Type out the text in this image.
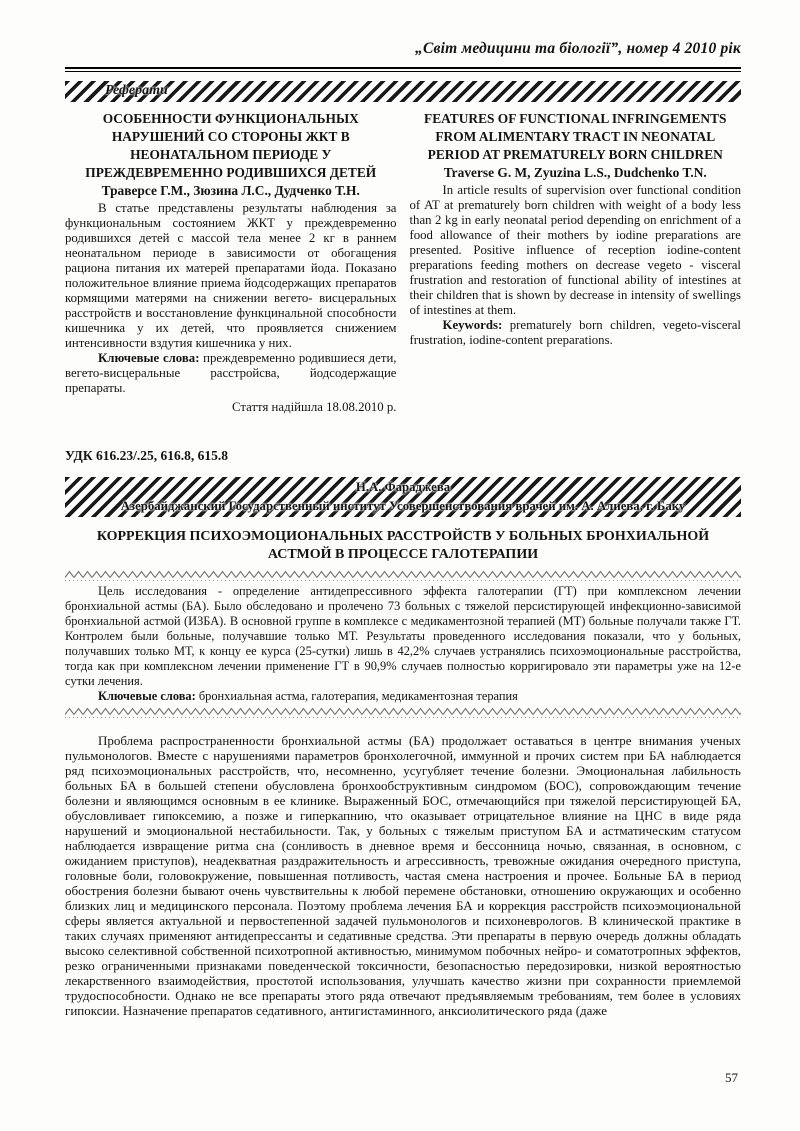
„Світ медицини та біології”, номер 4 2010 рік
Реферати
ОСОБЕННОСТИ ФУНКЦИОНАЛЬНЫХ НАРУШЕНИЙ СО СТОРОНЫ ЖКТ В НЕОНАТАЛЬНОМ ПЕРИОДЕ У ПРЕЖДЕВРЕМЕННО РОДИВШИХСЯ ДЕТЕЙ
Траверсе Г.М., Зюзина Л.С., Дудченко Т.Н.
В статье представлены результаты наблюдения за функциональным состоянием ЖКТ у преждевременно родившихся детей с массой тела менее 2 кг в раннем неонатальном периоде в зависимости от обогащения рациона питания их матерей препаратами йода. Показано положительное влияние приема йодсодержащих препаратов кормящими матерями на снижении вегето- висцеральных расстройств и восстановление функцинальной способности кишечника у их детей, что проявляется снижением интенсивности вздутия кишечника у них.
Ключевые слова: преждевременно родившиеся дети, вегето-висцеральные расстройсва, йодсодержащие препараты.
Стаття надійшла 18.08.2010 р.
FEATURES OF FUNCTIONAL INFRINGEMENTS FROM ALIMENTARY TRACT IN NEONATAL PERIOD AT PREMATURELY BORN CHILDREN
Traverse G. M, Zyuzina L.S., Dudchenko T.N.
In article results of supervision over functional condition of AT at prematurely born children with weight of a body less than 2 kg in early neonatal period depending on enrichment of a food allowance of their mothers by iodine preparations are presented. Positive influence of reception iodine-content preparations feeding mothers on decrease vegeto - visceral frustration and restoration of functional ability of intestines at their children that is shown by decrease in intensity of swellings of intestines at them.
Keywords: prematurely born children, vegeto-visceral frustration, iodine-content preparations.
УДК 616.23/.25, 616.8, 615.8
Н.А. Фараджева
Азербайджанский Государственный институт Усовершенствования врачей им. А. Алиева, г. Баку
КОРРЕКЦИЯ ПСИХОЭМОЦИОНАЛЬНЫХ РАССТРОЙСТВ У БОЛЬНЫХ БРОНХИАЛЬНОЙ АСТМОЙ В ПРОЦЕССЕ ГАЛОТЕРАПИИ
Цель исследования - определение антидепрессивного эффекта галотерапии (ГТ) при комплексном лечении бронхиальной астмы (БА). Было обследовано и пролечено 73 больных с тяжелой персистирующей инфекционно-зависимой бронхиальной астмой (ИЗБА). В основной группе в комплексе с медикаментозной терапией (МТ) больные получали также ГТ. Контролем были больные, получавшие только МТ. Результаты проведенного исследования показали, что у больных, получавших только МТ, к концу ее курса (25-сутки) лишь в 42,2% случаев устранялись психоэмоциональные расстройства, тогда как при комплексном лечении применение ГТ в 90,9% случаев полностью корригировало эти параметры уже на 12-е сутки лечения.
Ключевые слова: бронхиальная астма, галотерапия, медикаментозная терапия
Проблема распространенности бронхиальной астмы (БА) продолжает оставаться в центре внимания ученых пульмонологов. Вместе с нарушениями параметров бронхолегочной, иммунной и прочих систем при БА наблюдается ряд психоэмоциональных расстройств, что, несомненно, усугубляет течение болезни. Эмоциональная лабильность больных БА в большей степени обусловлена бронхообструктивным синдромом (БОС), сопровождающим течение болезни и являющимся основным в ее клинике. Выраженный БОС, отмечающийся при тяжелой персистирующей БА, обусловливает гипоксемию, а позже и гиперкапнию, что оказывает отрицательное влияние на ЦНС в виде ряда нарушений и эмоциональной нестабильности. Так, у больных с тяжелым приступом БА и астматическим статусом наблюдается извращение ритма сна (сонливость в дневное время и бессонница ночью, связанная, в основном, с ожиданием приступов), неадекватная раздражительность и агрессивность, тревожные ожидания очередного приступа, головные боли, головокружение, повышенная потливость, частая смена настроения и прочее. Больные БА в период обострения болезни бывают очень чувствительны к любой перемене обстановки, отношению окружающих и особенно близких лиц и медицинского персонала. Поэтому проблема лечения БА и коррекция расстройств психоэмоциональной сферы является актуальной и первостепенной задачей пульмонологов и психоневрологов. В клинической практике в таких случаях применяют антидепрессанты и седативные средства. Эти препараты в первую очередь должны обладать высоко селективной собственной психотропной активностью, минимумом побочных нейро- и соматотропных эффектов, резко ограниченными признаками поведенческой токсичности, безопасностью передозировки, низкой вероятностью лекарственного взаимодействия, простотой использования, улучшать качество жизни при сохранности приемлемой трудоспособности. Однако не все препараты этого ряда отвечают предъявляемым требованиям, тем более в условиях гипоксии. Назначение препаратов седативного, антигистаминного, анксиолитического ряда (даже
57
